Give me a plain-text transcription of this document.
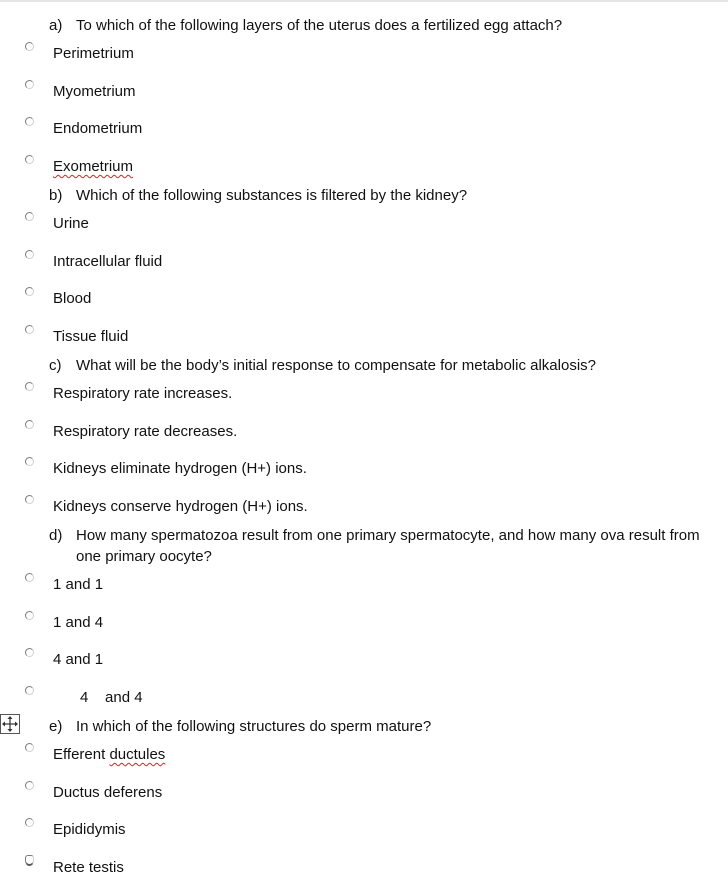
a) To which of the following layers of the uterus does a fertilized egg attach?
Perimetrium
Myometrium
Endometrium
Exometrium
b) Which of the following substances is filtered by the kidney?
Urine
Intracellular fluid
Blood
Tissue fluid
c) What will be the body’s initial response to compensate for metabolic alkalosis?
Respiratory rate increases.
Respiratory rate decreases.
Kidneys eliminate hydrogen (H+) ions.
Kidneys conserve hydrogen (H+) ions.
d) How many spermatozoa result from one primary spermatocyte, and how many ova result from one primary oocyte?
1 and 1
1 and 4
4 and 1
4    and 4
e) In which of the following structures do sperm mature?
Efferent ductules
Ductus deferens
Epididymis
Rete testis
